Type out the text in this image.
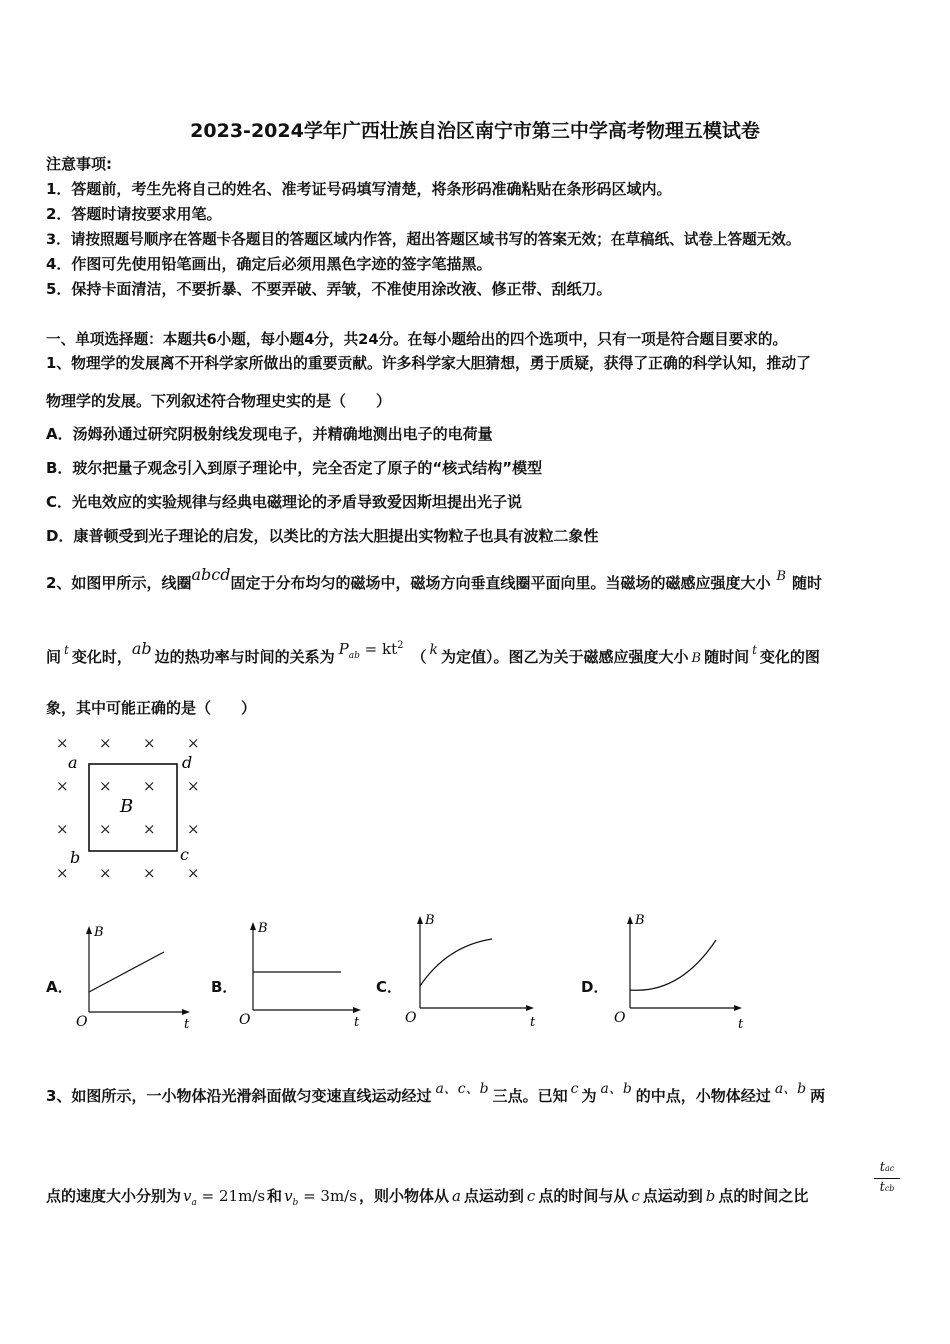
2023-2024学年广西壮族自治区南宁市第三中学高考物理五模试卷
注意事项:
1．答题前，考生先将自己的姓名、准考证号码填写清楚，将条形码准确粘贴在条形码区域内。
2．答题时请按要求用笔。
3．请按照题号顺序在答题卡各题目的答题区域内作答，超出答题区域书写的答案无效；在草稿纸、试卷上答题无效。
4．作图可先使用铅笔画出，确定后必须用黑色字迹的签字笔描黑。
5．保持卡面清洁，不要折暴、不要弄破、弄皱，不准使用涂改液、修正带、刮纸刀。
一、单项选择题：本题共6小题，每小题4分，共24分。在每小题给出的四个选项中，只有一项是符合题目要求的。
1、物理学的发展离不开科学家所做出的重要贡献。许多科学家大胆猜想，勇于质疑，获得了正确的科学认知，推动了
物理学的发展。下列叙述符合物理史实的是（　　）
A．汤姆孙通过研究阴极射线发现电子，并精确地测出电子的电荷量
B．玻尔把量子观念引入到原子理论中，完全否定了原子的“核式结构”模型
C．光电效应的实验规律与经典电磁理论的矛盾导致爱因斯坦提出光子说
D．康普顿受到光子理论的启发，以类比的方法大胆提出实物粒子也具有波粒二象性
2、如图甲所示，线圈abcd固定于分布均匀的磁场中，磁场方向垂直线圈平面向里。当磁场的磁感应强度大小 B 随时
间 $^t$ 变化时，ab 边的热功率与时间的关系为 $P_{ab} = kt^2$（ k 为定值）。图乙为关于磁感应强度大小 B 随时间 $^t$ 变化的图
象，其中可能正确的是（　　）
× × × ×
× × × ×
× × × ×
× × × ×
a	d
b	c
B
A．
B
O	t
B．
B
O	t
C．
B
O	t
D．
B
O	t
3、如图所示，一小物体沿光滑斜面做匀变速直线运动经过 a、c、b 三点。已知 c 为 a、b 的中点，小物体经过 a、b 两
点的速度大小分别为 $v_a = 21m/s$ 和 $v_b = 3m/s$ ，则小物体从 a 点运动到 c 点的时间与从 c 点运动到 b 点的时间之比
tac
tcb
